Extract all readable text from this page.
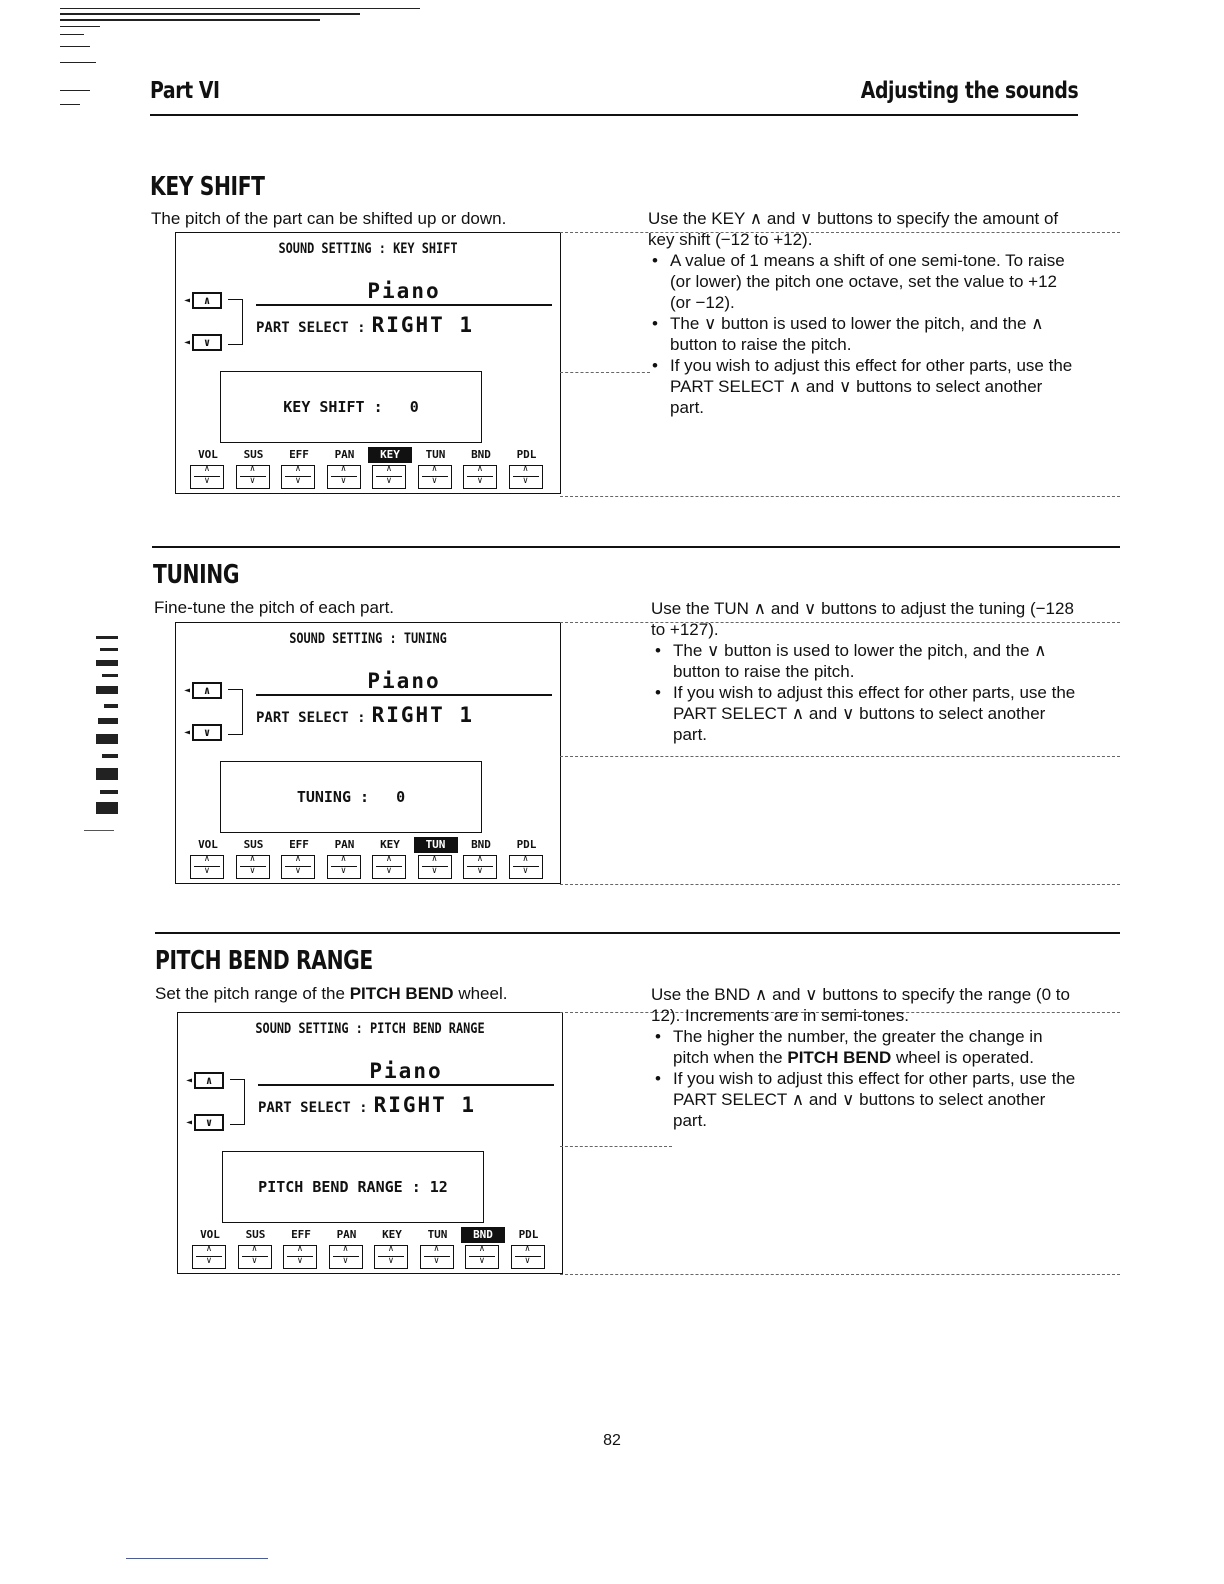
Part VI	Adjusting the sounds
KEY SHIFT
The pitch of the part can be shifted up or down.
SOUND SETTING : KEY SHIFT
◄	∧
◄	∨
Piano
PART SELECT : RIGHT 1
KEY SHIFT :   0
VOL	SUS	EFF	PAN	KEY	TUN	BND	PDL
∧
∨
∧
∨
∧
∨
∧
∨
∧
∨
∧
∨
∧
∨
∧
∨

Use the KEY ∧ and ∨ buttons to specify the amount of key shift (−12 to +12).

• A value of 1 means a shift of one semi-tone. To raise (or lower) the pitch one octave, set the value to +12 (or −12).
• The ∨ button is used to lower the pitch, and the ∧ button to raise the pitch.
• If you wish to adjust this effect for other parts, use the PART SELECT ∧ and ∨ buttons to select another part.
TUNING
Fine-tune the pitch of each part.
SOUND SETTING : TUNING
◄	∧
◄	∨
Piano
PART SELECT : RIGHT 1
TUNING :   0
VOL	SUS	EFF	PAN	KEY	TUN	BND	PDL
∧
∨
∧
∨
∧
∨
∧
∨
∧
∨
∧
∨
∧
∨
∧
∨

Use the TUN ∧ and ∨ buttons to adjust the tuning (−128 to +127).

• The ∨ button is used to lower the pitch, and the ∧ button to raise the pitch.
• If you wish to adjust this effect for other parts, use the PART SELECT ∧ and ∨ buttons to select another part.
PITCH BEND RANGE
Set the pitch range of the PITCH BEND wheel.
SOUND SETTING : PITCH BEND RANGE
◄	∧
◄	∨
Piano
PART SELECT : RIGHT 1
PITCH BEND RANGE : 12
VOL	SUS	EFF	PAN	KEY	TUN	BND	PDL
∧
∨
∧
∨
∧
∨
∧
∨
∧
∨
∧
∨
∧
∨
∧
∨

Use the BND ∧ and ∨ buttons to specify the range (0 to 12). Increments are in semi-tones.

• The higher the number, the greater the change in pitch when the PITCH BEND wheel is operated.
• If you wish to adjust this effect for other parts, use the PART SELECT ∧ and ∨ buttons to select another part.
82
